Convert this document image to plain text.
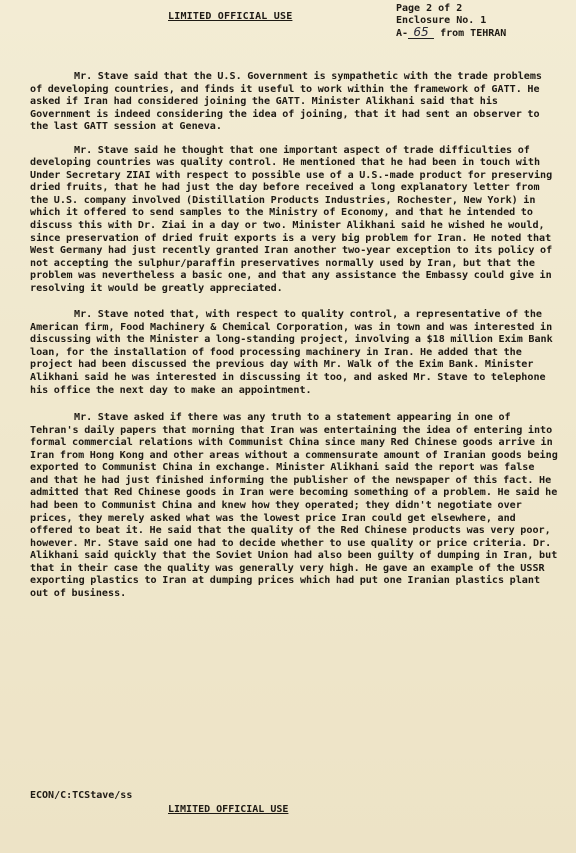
LIMITED OFFICIAL USE
Page 2 of 2
Enclosure No. 1
A- 65 from TEHRAN

Mr. Stave said that the U.S. Government is sympathetic with the trade problems of developing countries, and finds it useful to work within the framework of GATT. He asked if Iran had considered joining the GATT. Minister Alikhani said that his Government is indeed considering the idea of joining, that it had sent an observer to the last GATT session at Geneva.

Mr. Stave said he thought that one important aspect of trade difficulties of developing countries was quality control. He mentioned that he had been in touch with Under Secretary ZIAI with respect to possible use of a U.S.-made product for preserving dried fruits, that he had just the day before received a long explanatory letter from the U.S. company involved (Distillation Products Industries, Rochester, New York) in which it offered to send samples to the Ministry of Economy, and that he intended to discuss this with Dr. Ziai in a day or two. Minister Alikhani said he wished he would, since preservation of dried fruit exports is a very big problem for Iran. He noted that West Germany had just recently granted Iran another two-year exception to its policy of not accepting the sulphur/paraffin preservatives normally used by Iran, but that the problem was nevertheless a basic one, and that any assistance the Embassy could give in resolving it would be greatly appreciated.

Mr. Stave noted that, with respect to quality control, a representative of the American firm, Food Machinery & Chemical Corporation, was in town and was interested in discussing with the Minister a long-standing project, involving a $18 million Exim Bank loan, for the installation of food processing machinery in Iran. He added that the project had been discussed the previous day with Mr. Walk of the Exim Bank. Minister Alikhani said he was interested in discussing it too, and asked Mr. Stave to telephone his office the next day to make an appointment.

Mr. Stave asked if there was any truth to a statement appearing in one of Tehran's daily papers that morning that Iran was entertaining the idea of entering into formal commercial relations with Communist China since many Red Chinese goods arrive in Iran from Hong Kong and other areas without a commensurate amount of Iranian goods being exported to Communist China in exchange. Minister Alikhani said the report was false and that he had just finished informing the publisher of the newspaper of this fact. He admitted that Red Chinese goods in Iran were becoming something of a problem. He said he had been to Communist China and knew how they operated; they didn't negotiate over prices, they merely asked what was the lowest price Iran could get elsewhere, and offered to beat it. He said that the quality of the Red Chinese products was very poor, however. Mr. Stave said one had to decide whether to use quality or price criteria. Dr. Alikhani said quickly that the Soviet Union had also been guilty of dumping in Iran, but that in their case the quality was generally very high. He gave an example of the USSR exporting plastics to Iran at dumping prices which had put one Iranian plastics plant out of business.

ECON/C:TCStave/ss
LIMITED OFFICIAL USE
